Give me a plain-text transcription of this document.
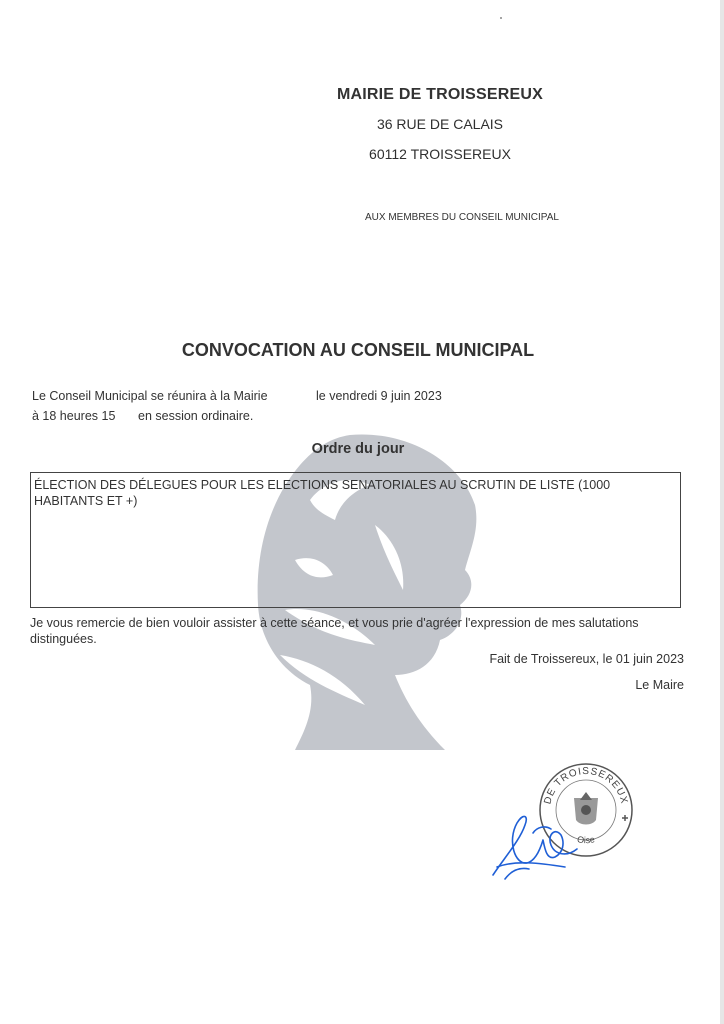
MAIRIE DE TROISSEREUX
36 RUE DE CALAIS
60112 TROISSEREUX
AUX MEMBRES DU CONSEIL MUNICIPAL
CONVOCATION AU CONSEIL MUNICIPAL
Le Conseil Municipal se réunira à la Mairie	le vendredi 9 juin 2023
à 18 heures 15 en session ordinaire.
Ordre du jour
ÉLECTION DES DÉLEGUES POUR LES ELECTIONS SENATORIALES AU SCRUTIN DE LISTE (1000 HABITANTS ET +)
Je vous remercie de bien vouloir assister à cette séance, et vous prie d'agréer l'expression de mes salutations distinguées.
Fait de Troissereux, le 01 juin 2023
Le Maire
DE TROISSEREUX
Oise
